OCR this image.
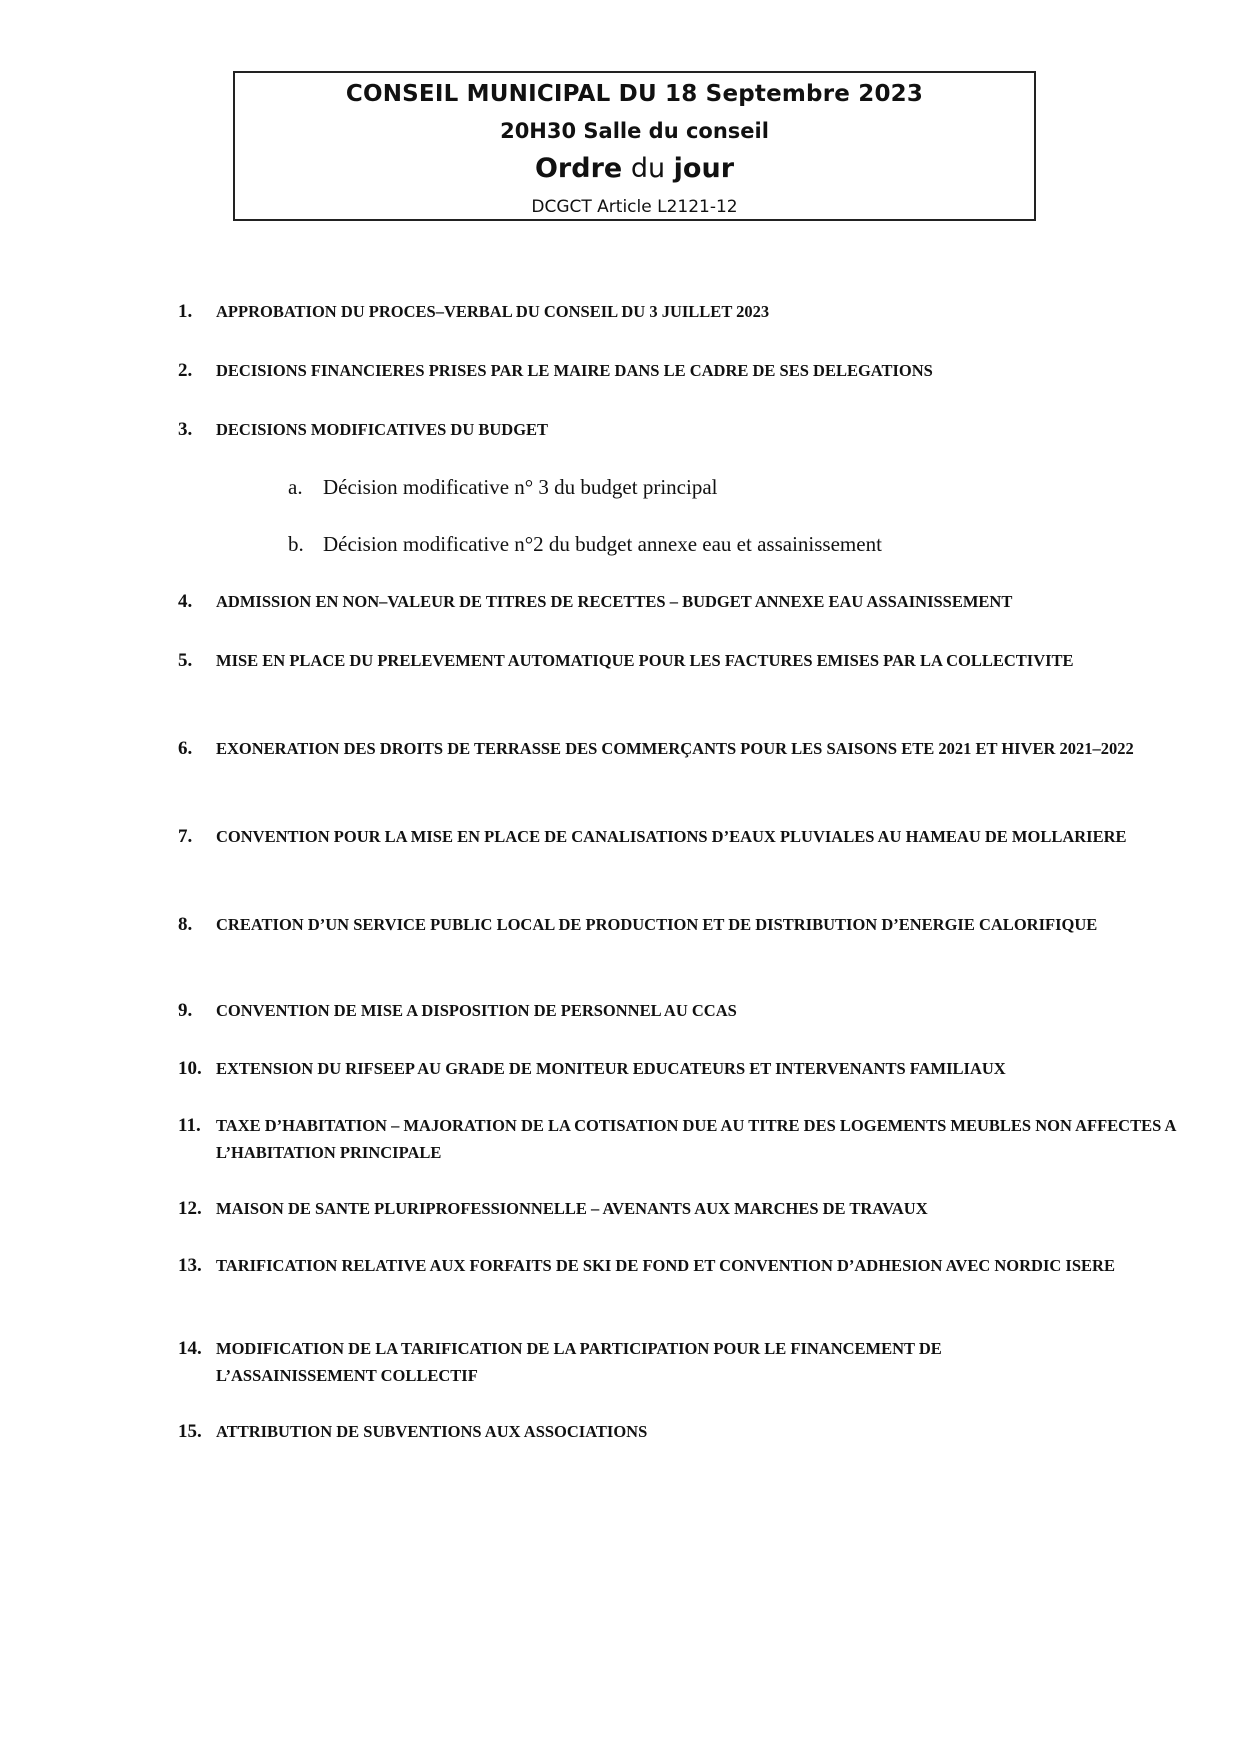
CONSEIL MUNICIPAL DU 18 Septembre 2023
20H30 Salle du conseil
Ordre du jour
DCGCT Article L2121-12
1. APPROBATION DU PROCES–VERBAL DU CONSEIL DU 3 JUILLET 2023
2. DECISIONS FINANCIERES PRISES PAR LE MAIRE DANS LE CADRE DE SES DELEGATIONS
3. DECISIONS MODIFICATIVES DU BUDGET
a. Décision modificative n° 3 du budget principal
b. Décision modificative n°2 du budget annexe eau et assainissement
4. ADMISSION EN NON–VALEUR DE TITRES DE RECETTES – BUDGET ANNEXE EAU ASSAINISSEMENT
5. MISE EN PLACE DU PRELEVEMENT AUTOMATIQUE POUR LES FACTURES EMISES PAR LA COLLECTIVITE
6. EXONERATION DES DROITS DE TERRASSE DES COMMERÇANTS POUR LES SAISONS ETE 2021 ET HIVER 2021–2022
7. CONVENTION POUR LA MISE EN PLACE DE CANALISATIONS D’EAUX PLUVIALES AU HAMEAU DE MOLLARIERE
8. CREATION D’UN SERVICE PUBLIC LOCAL DE PRODUCTION ET DE DISTRIBUTION D’ENERGIE CALORIFIQUE
9. CONVENTION DE MISE A DISPOSITION DE PERSONNEL AU CCAS
10. EXTENSION DU RIFSEEP AU GRADE DE MONITEUR EDUCATEURS ET INTERVENANTS FAMILIAUX
11. TAXE D’HABITATION – MAJORATION DE LA COTISATION DUE AU TITRE DES LOGEMENTS MEUBLES NON AFFECTES A L’HABITATION PRINCIPALE
12. MAISON DE SANTE PLURIPROFESSIONNELLE – AVENANTS AUX MARCHES DE TRAVAUX
13. TARIFICATION RELATIVE AUX FORFAITS DE SKI DE FOND ET CONVENTION D’ADHESION AVEC NORDIC ISERE
14. MODIFICATION DE LA TARIFICATION DE LA PARTICIPATION POUR LE FINANCEMENT DE L’ASSAINISSEMENT COLLECTIF
15. ATTRIBUTION DE SUBVENTIONS AUX ASSOCIATIONS
